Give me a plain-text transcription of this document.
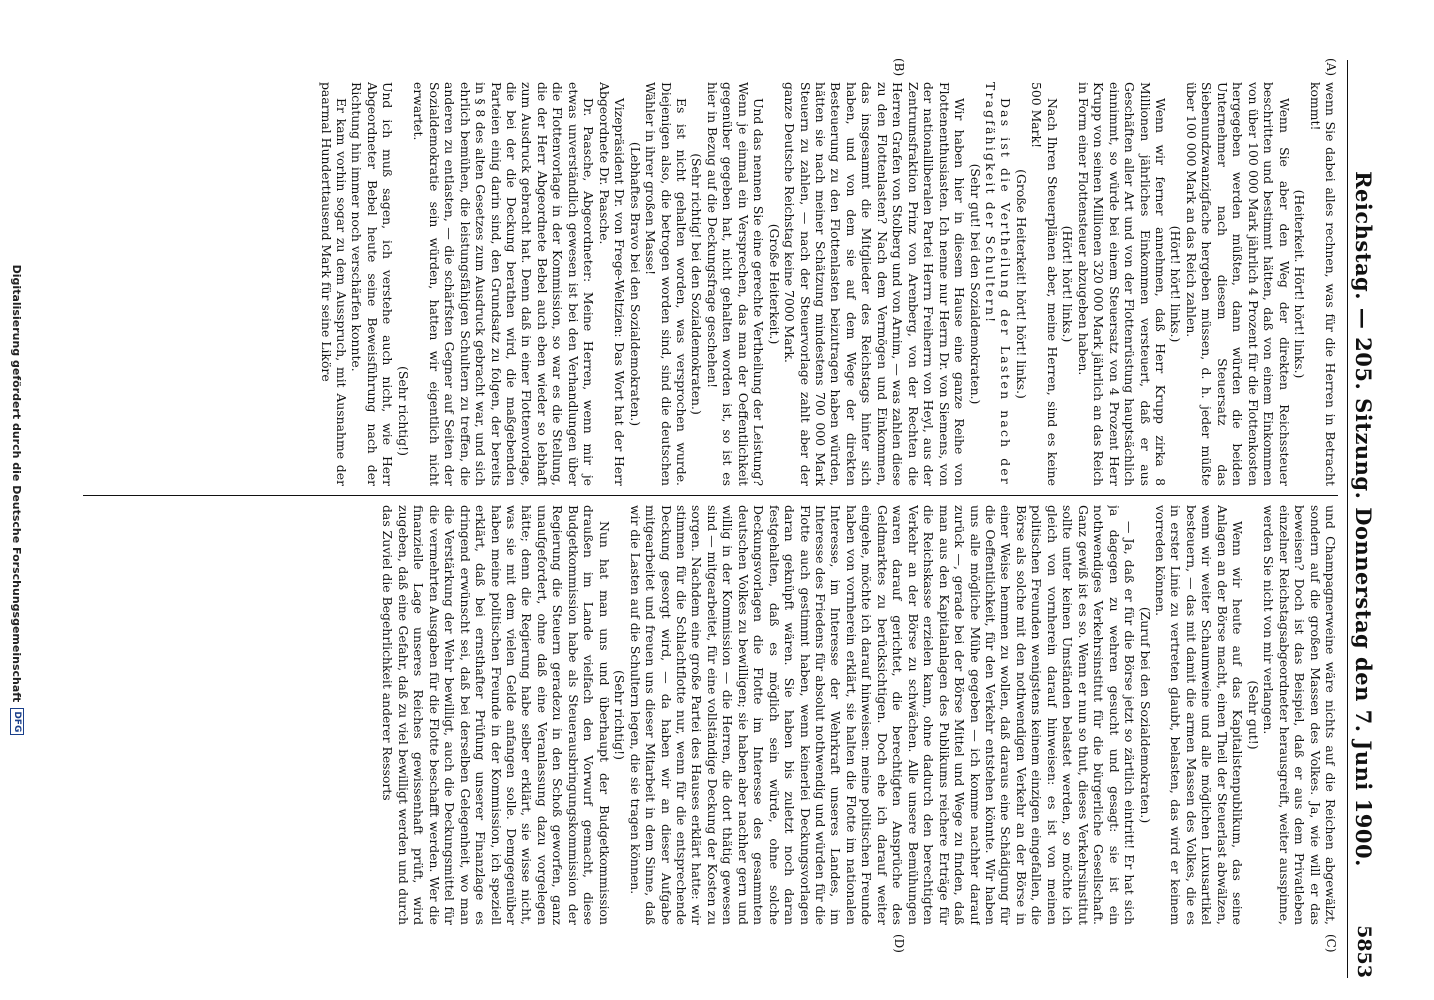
Reichstag. — 205. Sitzung. Donnerstag den 7. Juni 1900.
5853
(A)
(B)
(C)
(D)

wenn Sie dabei alles rechnen, was für die Herren in Betracht kommt!

(Heiterkeit. Hört! hört! links.)

Wenn Sie aber den Weg der direkten Reichssteuer beschritten und bestimmt hätten, daß von einem Einkommen von über 100 000 Mark jährlich 4 Prozent für die Flottenkosten hergegeben werden müßten, dann würden die beiden Unternehmer nach diesem Steuersatz das Siebenundzwanzigfache hergeben müssen, d. h. jeder müßte über 100 000 Mark an das Reich zahlen.

(Hört! hört! links.)

Wenn wir ferner annehmen, daß Herr Krupp zirka 8 Millionen jährliches Einkommen versteuert, daß er aus Geschäften aller Art und von der Flottenrüstung hauptsächlich einnimmt, so würde bei einem Steuersatz von 4 Prozent Herr Krupp von seinen Millionen 320 000 Mark jährlich an das Reich in Form einer Flottensteuer abzugeben haben.

(Hört! hört! links.)

Nach Ihren Steuerplänen aber, meine Herren, sind es keine 500 Mark!

(Große Heiterkeit! hört! hört! links.)

Das ist die Vertheilung der Lasten nach der Tragfähigkeit der Schultern!

(Sehr gut! bei den Sozialdemokraten.)

Wir haben hier in diesem Hause eine ganze Reihe von Flottenenthusiasten. Ich nenne nur Herrn Dr. von Siemens, von der nationalliberalen Partei Herrn Freiherrn von Heyl, aus der Zentrumsfraktion Prinz von Arenberg, von der Rechten die Herren Grafen von Stolberg und von Arnim, — was zahlen diese zu den Flottenlasten? Nach dem Vermögen und Einkommen, das insgesammt die Mitglieder des Reichstags hinter sich haben, und von dem sie auf dem Wege der direkten Besteuerung zu den Flottenlasten beizutragen haben würden, hätten sie nach meiner Schätzung mindestens 700 000 Mark Steuern zu zahlen, — nach der Steuervorlage zahlt aber der ganze Deutsche Reichstag keine 7000 Mark.

(Große Heiterkeit.)

Und das nennen Sie eine gerechte Vertheilung der Leistung? Wenn je einmal ein Versprechen, das man der Oeffentlichkeit gegenüber gegeben hat, nicht gehalten worden ist, so ist es hier in Bezug auf die Deckungsfrage geschehen!

(Sehr richtig! bei den Sozialdemokraten.)

Es ist nicht gehalten worden, was versprochen wurde. Diejenigen also, die betrogen worden sind, sind die deutschen Wähler in ihrer großen Masse!

(Lebhaftes Bravo bei den Sozialdemokraten.)

Vizepräsident Dr. von Frege-Weltzien: Das Wort hat der Herr Abgeordnete Dr. Paasche.

Dr. Paasche, Abgeordneter: Meine Herren, wenn mir je etwas unverständlich gewesen ist bei den Verhandlungen über die Flottenvorlage in der Kommission, so war es die Stellung, die der Herr Abgeordnete Bebel auch eben wieder so lebhaft zum Ausdruck gebracht hat. Denn daß in einer Flottenvorlage, die bei der die Deckung berathen wird, die maßgebenden Parteien einig darin sind, den Grundsatz zu folgen, der bereits in § 8 des alten Gesetzes zum Ausdruck gebracht war, und sich ehrlich bemühen, die leistungsfähigen Schultern zu treffen, die anderen zu entlasten, — die schärfsten Gegner auf Seiten der Sozialdemokratie sein würden, hatten wir eigentlich nicht erwartet.

(Sehr richtig!)

Und ich muß sagen, ich verstehe auch nicht, wie Herr Abgeordneter Bebel heute seine Beweisführung nach der Richtung hin immer noch verschärfen konnte.

Er kam vorhin sogar zu dem Ausspruch, mit Ausnahme der paarmal Hunderttausend Mark für seine Liköre

und Champagnerweine wäre nichts auf die Reichen abgewälzt, sondern auf die großen Massen des Volkes. Ja, wie will er das beweisen? Doch ist das Beispiel, daß er aus dem Privatleben einzelner Reichstagsabgeordneter herausgreift, weiter ausspinne, werden Sie nicht von mir verlangen.

(Sehr gut!)

Wenn wir heute auf das Kapitalistenpublikum, das seine Anlagen an der Börse macht, einen Theil der Steuerlast abwälzen, wenn wir weiter Schaumweine und alle möglichen Luxusartikel besteuern, — das mit damit die armen Massen des Volkes, die es in erster Linie zu vertreten glaubt, belasten, das wird er keinem vorreden können.

(Zuruf bei den Sozialdemokraten.)

— Ja, daß er für die Börse jetzt so zärtlich eintritt! Er hat sich ja dagegen zu wehren gesucht und gesagt: sie ist ein nothwendiges Verkehrsinstitut für die bürgerliche Gesellschaft. Ganz gewiß ist es so. Wenn er nun so thut, dieses Verkehrsinstitut sollte unter keinen Umständen belastet werden, so möchte ich gleich von vornherein darauf hinweisen: es ist von meinen politischen Freunden wenigstens keinem einzigen eingefallen, die Börse als solche mit den nothwendigen Verkehr an der Börse in einer Weise hemmen zu wollen, daß daraus eine Schädigung für die Oeffentlichkeit, für den Verkehr entstehen könnte. Wir haben uns alle mögliche Mühe gegeben — ich komme nachher darauf zurück —, gerade bei der Börse Mittel und Wege zu finden, daß man aus den Kapitalanlagen des Publikums reichere Erträge für die Reichskasse erzielen kann, ohne dadurch den berechtigten Verkehr an der Börse zu schwächen. Alle unsere Bemühungen waren darauf gerichtet, die berechtigten Ansprüche des Geldmarktes zu berücksichtigen. Doch ehe ich darauf weiter eingehe, möchte ich darauf hinweisen: meine politischen Freunde haben von vornherein erklärt, sie halten die Flotte im nationalen Interesse, im Interesse der Wehrkraft unseres Landes, im Interesse des Friedens für absolut nothwendig und würden für die Flotte auch gestimmt haben, wenn keinerlei Deckungsvorlagen daran geknüpft wären. Sie haben bis zuletzt noch daran festgehalten, daß es möglich sein würde, ohne solche Deckungsvorlagen die Flotte im Interesse des gesammten deutschen Volkes zu bewilligen; sie haben aber nachher gern und willig in der Kommission — die Herren, die dort thätig gewesen sind — mitgearbeitet, für eine vollständige Deckung der Kosten zu sorgen. Nachdem eine große Partei des Hauses erklärt hatte: wir stimmen für die Schlachtflotte nur, wenn für die entsprechende Deckung gesorgt wird, — da haben wir an dieser Aufgabe mitgearbeitet und freuen uns dieser Mitarbeit in dem Sinne, daß wir die Lasten auf die Schultern legen, die sie tragen können.

(Sehr richtig!)

Nun hat man uns und überhaupt der Budgetkommission draußen im Lande vielfach den Vorwurf gemacht, diese Budgetkommission habe als Steuerausbringungskommission der Regierung die Steuern geradezu in den Schoß geworfen, ganz unaufgefordert, ohne daß eine Veranlassung dazu vorgelegen hätte; denn die Regierung habe selber erklärt, sie wisse nicht, was sie mit dem vielen Gelde anfangen solle. Demgegenüber haben meine politischen Freunde in der Kommission, ich speziell erklärt, daß bei ernsthafter Prüfung unserer Finanzlage es dringend erwünscht sei, daß bei derselben Gelegenheit, wo man die Verstärkung der Wehr bewilligt, auch die Deckungsmittel für die vermehrten Ausgaben für die Flotte beschafft werden. Wer die finanzielle Lage unseres Reiches gewissenhaft prüft, wird zugeben, daß eine Gefahr, daß zu viel bewilligt werden und durch das Zuviel die Begehrlichkeit anderer Ressorts

Digitalisierung gefördert durch die Deutsche Forschungsgemeinschaft
DFG
